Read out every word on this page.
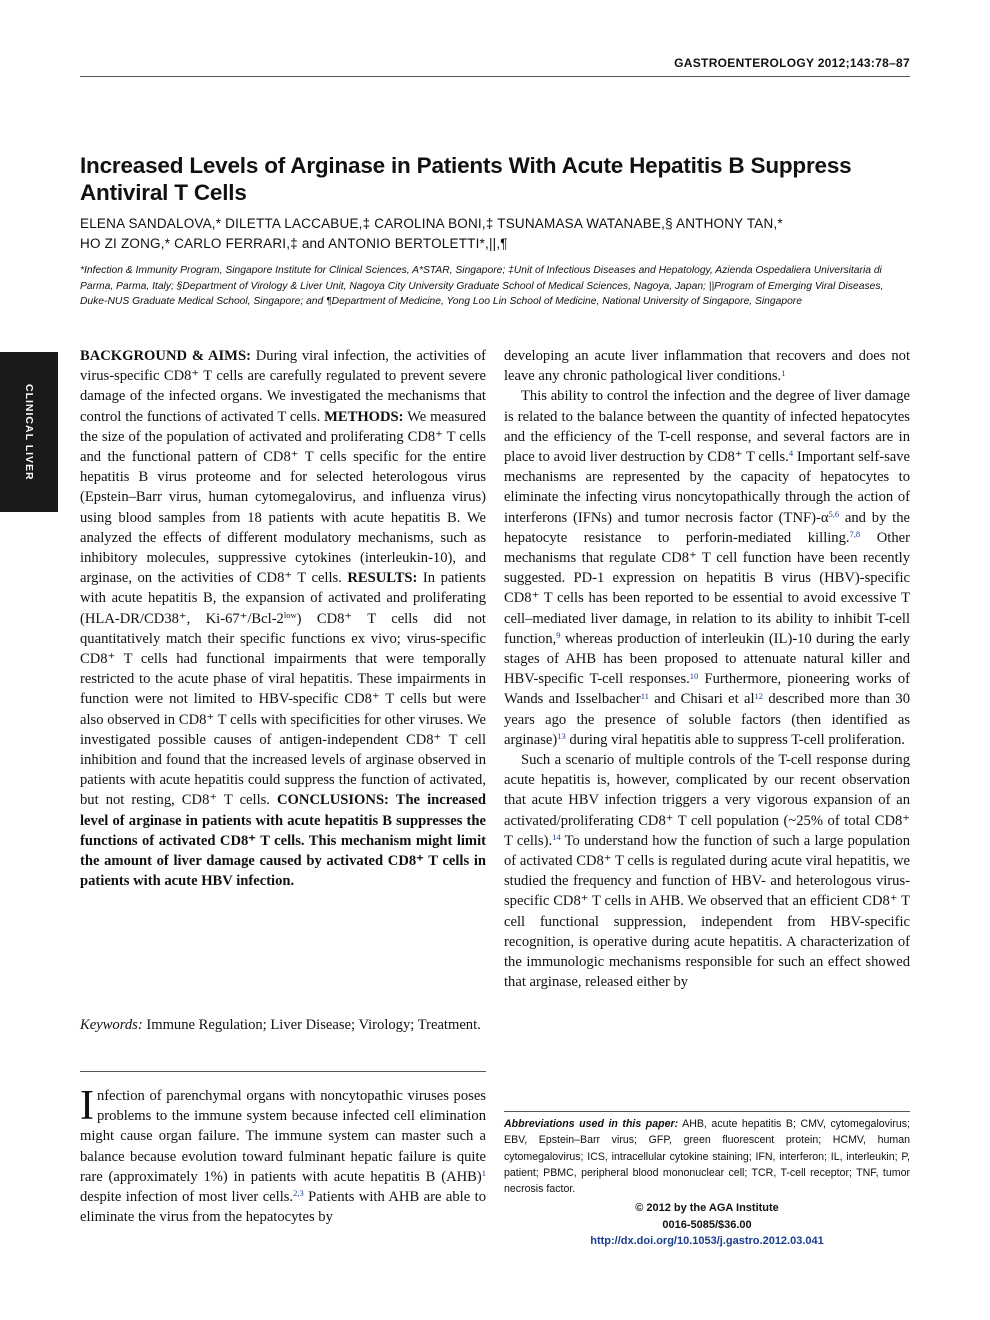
GASTROENTEROLOGY 2012;143:78–87
CLINICAL LIVER
Increased Levels of Arginase in Patients With Acute Hepatitis B Suppress Antiviral T Cells
ELENA SANDALOVA,* DILETTA LACCABUE,‡ CAROLINA BONI,‡ TSUNAMASA WATANABE,§ ANTHONY TAN,*
HO ZI ZONG,* CARLO FERRARI,‡ and ANTONIO BERTOLETTI*,||,¶
*Infection & Immunity Program, Singapore Institute for Clinical Sciences, A*STAR, Singapore; ‡Unit of Infectious Diseases and Hepatology, Azienda Ospedaliera Universitaria di Parma, Parma, Italy; §Department of Virology & Liver Unit, Nagoya City University Graduate School of Medical Sciences, Nagoya, Japan; ||Program of Emerging Viral Diseases, Duke-NUS Graduate Medical School, Singapore; and ¶Department of Medicine, Yong Loo Lin School of Medicine, National University of Singapore, Singapore
BACKGROUND & AIMS: During viral infection, the activities of virus-specific CD8⁺ T cells are carefully regulated to prevent severe damage of the infected organs. We investigated the mechanisms that control the functions of activated T cells. METHODS: We measured the size of the population of activated and proliferating CD8⁺ T cells and the functional pattern of CD8⁺ T cells specific for the entire hepatitis B virus proteome and for selected heterologous virus (Epstein–Barr virus, human cytomegalovirus, and influenza virus) using blood samples from 18 patients with acute hepatitis B. We analyzed the effects of different modulatory mechanisms, such as inhibitory molecules, suppressive cytokines (interleukin-10), and arginase, on the activities of CD8⁺ T cells. RESULTS: In patients with acute hepatitis B, the expansion of activated and proliferating (HLA-DR/CD38⁺, $Ki-67^+/Bcl-2^{low}$) CD8⁺ T cells did not quantitatively match their specific functions ex vivo; virus-specific CD8⁺ T cells had functional impairments that were temporally restricted to the acute phase of viral hepatitis. These impairments in function were not limited to HBV-specific CD8⁺ T cells but were also observed in CD8⁺ T cells with specificities for other viruses. We investigated possible causes of antigen-independent CD8⁺ T cell inhibition and found that the increased levels of arginase observed in patients with acute hepatitis could suppress the function of activated, but not resting, CD8⁺ T cells. CONCLUSIONS: The increased level of arginase in patients with acute hepatitis B suppresses the functions of activated CD8⁺ T cells. This mechanism might limit the amount of liver damage caused by activated CD8⁺ T cells in patients with acute HBV infection.
Keywords: Immune Regulation; Liver Disease; Virology; Treatment.
Infection of parenchymal organs with noncytopathic viruses poses problems to the immune system because infected cell elimination might cause organ failure. The immune system can master such a balance because evolution toward fulminant hepatic failure is quite rare (approximately 1%) in patients with acute hepatitis B (AHB)$^1$ despite infection of most liver cells.$^{2,3}$ Patients with AHB are able to eliminate the virus from the hepatocytes by

developing an acute liver inflammation that recovers and does not leave any chronic pathological liver conditions.$^1$

This ability to control the infection and the degree of liver damage is related to the balance between the quantity of infected hepatocytes and the efficiency of the T-cell response, and several factors are in place to avoid liver destruction by CD8⁺ T cells.$^4$ Important self-save mechanisms are represented by the capacity of hepatocytes to eliminate the infecting virus noncytopathically through the action of interferons (IFNs) and tumor necrosis factor $(TNF)-\alpha^{5,6}$ and by the hepatocyte resistance to perforin-mediated killing.$^{7,8}$ Other mechanisms that regulate CD8⁺ T cell function have been recently suggested. PD-1 expression on hepatitis B virus (HBV)-specific CD8⁺ T cells has been reported to be essential to avoid excessive T cell–mediated liver damage, in relation to its ability to inhibit T-cell function,$^9$ whereas production of interleukin (IL)-10 during the early stages of AHB has been proposed to attenuate natural killer and HBV-specific T-cell responses.$^{10}$ Furthermore, pioneering works of Wands and Isselbacher$^{11}$ and Chisari et $al^{12}$ described more than 30 years ago the presence of soluble factors (then identified as arginase)$^{13}$ during viral hepatitis able to suppress T-cell proliferation.

Such a scenario of multiple controls of the T-cell response during acute hepatitis is, however, complicated by our recent observation that acute HBV infection triggers a very vigorous expansion of an activated/proliferating CD8⁺ T cell population (~25% of total CD8⁺ T cells).$^{14}$ To understand how the function of such a large population of activated CD8⁺ T cells is regulated during acute viral hepatitis, we studied the frequency and function of HBV- and heterologous virus-specific CD8⁺ T cells in AHB. We observed that an efficient CD8⁺ T cell functional suppression, independent from HBV-specific recognition, is operative during acute hepatitis. A characterization of the immunologic mechanisms responsible for such an effect showed that arginase, released either by

Abbreviations used in this paper: AHB, acute hepatitis B; CMV, cytomegalovirus; EBV, Epstein–Barr virus; GFP, green fluorescent protein; HCMV, human cytomegalovirus; ICS, intracellular cytokine staining; IFN, interferon; IL, interleukin; P, patient; PBMC, peripheral blood mononuclear cell; TCR, T-cell receptor; TNF, tumor necrosis factor.
© 2012 by the AGA Institute
0016-5085/$36.00
http://dx.doi.org/10.1053/j.gastro.2012.03.041
